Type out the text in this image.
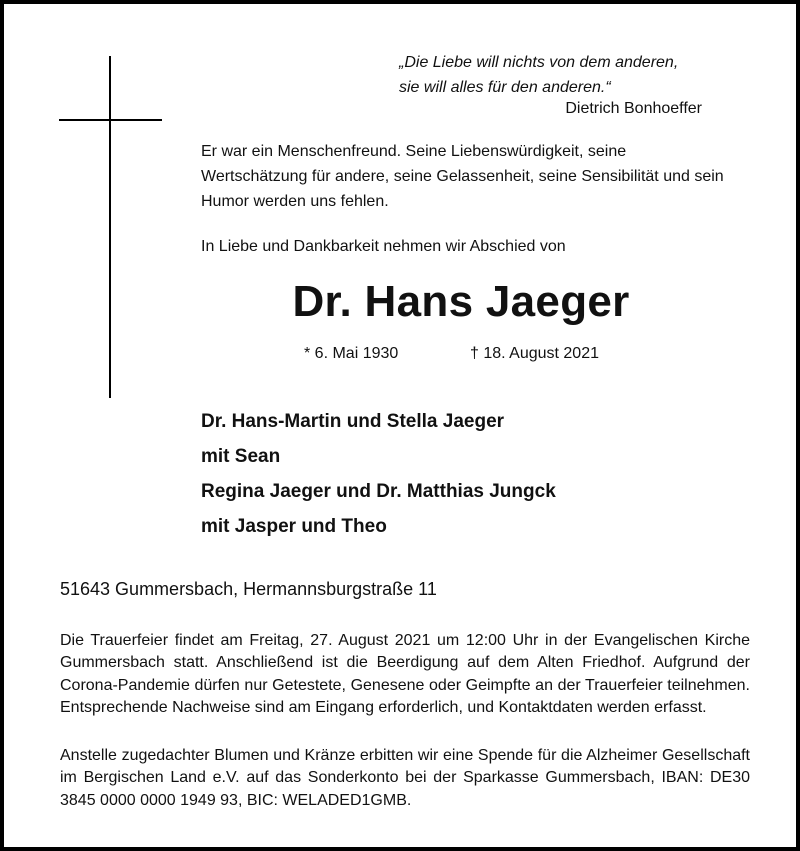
„Die Liebe will nichts von dem anderen,
sie will alles für den anderen.“
Dietrich Bonhoeffer
Er war ein Menschenfreund. Seine Liebenswürdigkeit, seine Wertschätzung für andere, seine Gelassenheit, seine Sensibilität und sein Humor werden uns fehlen.
In Liebe und Dankbarkeit nehmen wir Abschied von
Dr. Hans Jaeger
* 6. Mai 1930	† 18. August 2021
Dr. Hans-Martin und Stella Jaeger
mit Sean
Regina Jaeger und Dr. Matthias Jungck
mit Jasper und Theo
51643 Gummersbach, Hermannsburgstraße 11
Die Trauerfeier findet am Freitag, 27. August 2021 um 12:00 Uhr in der Evangelischen Kirche Gummersbach statt. Anschließend ist die Beerdigung auf dem Alten Friedhof. Aufgrund der Corona-Pandemie dürfen nur Getestete, Genesene oder Geimpfte an der Trauerfeier teilnehmen. Entsprechende Nachweise sind am Eingang erforderlich, und Kontaktdaten werden erfasst.
Anstelle zugedachter Blumen und Kränze erbitten wir eine Spende für die Alzheimer Gesellschaft im Bergischen Land e.V. auf das Sonderkonto bei der Sparkasse Gummersbach, IBAN: DE30 3845 0000 0000 1949 93, BIC: WELADED1GMB.
